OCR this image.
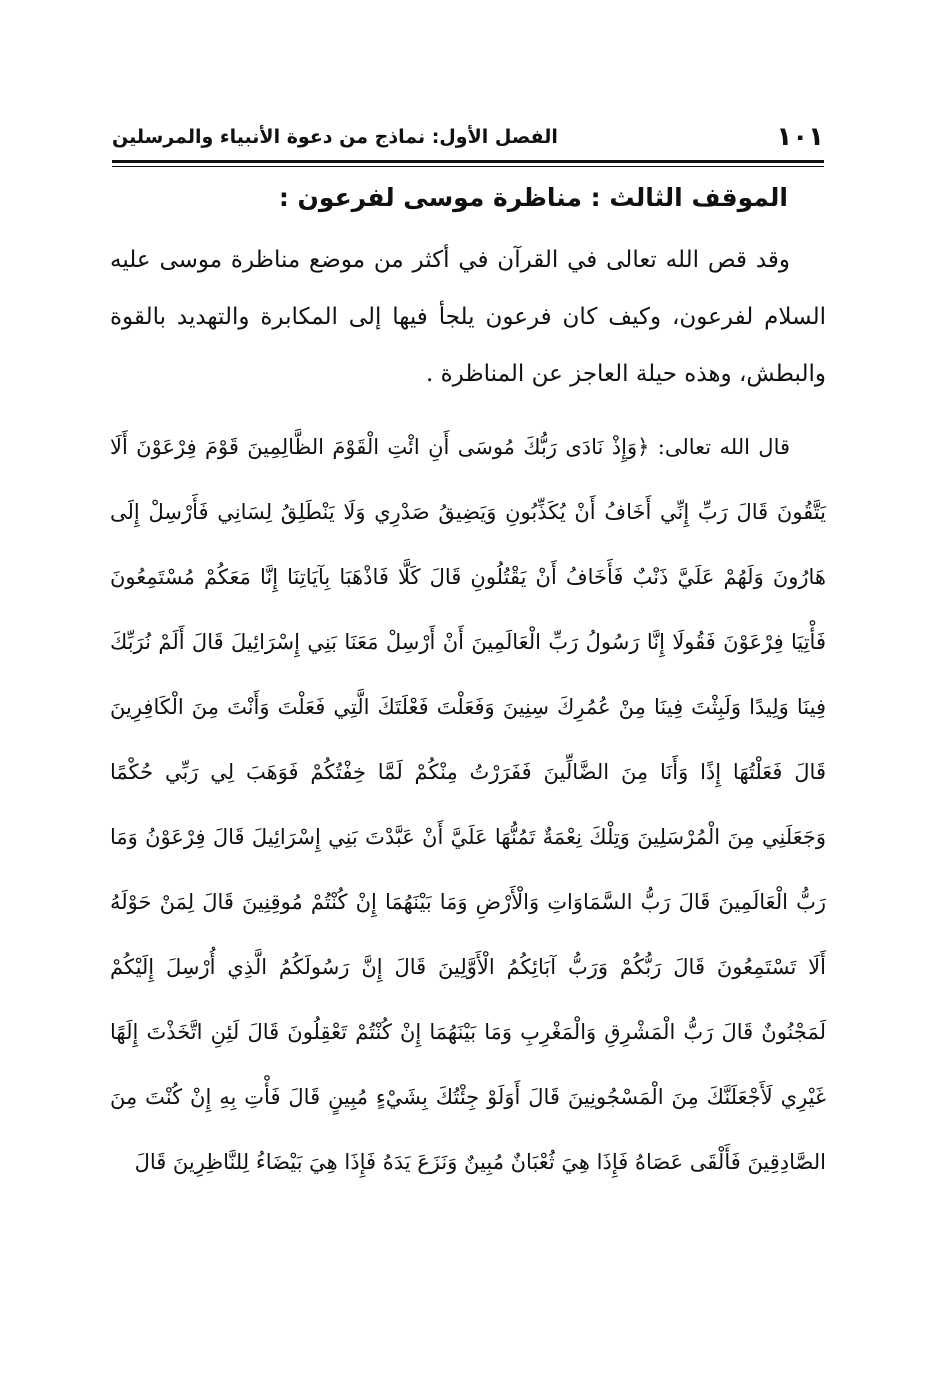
١٠١
الفصل الأول: نماذج من دعوة الأنبياء والمرسلين
الموقف الثالث : مناظرة موسى لفرعون :
وقد قص الله تعالى في القرآن في أكثر من موضع مناظرة موسى عليه السلام لفرعون، وكيف كان فرعون يلجأ فيها إلى المكابرة والتهديد بالقوة والبطش، وهذه حيلة العاجز عن المناظرة .
قال الله تعالى: ﴿وَإِذْ نَادَى رَبُّكَ مُوسَى أَنِ ائْتِ الْقَوْمَ الظَّالِمِينَ قَوْمَ فِرْعَوْنَ أَلَا يَتَّقُونَ قَالَ رَبِّ إِنِّي أَخَافُ أَنْ يُكَذِّبُونِ وَيَضِيقُ صَدْرِي وَلَا يَنْطَلِقُ لِسَانِي فَأَرْسِلْ إِلَى هَارُونَ وَلَهُمْ عَلَيَّ ذَنْبٌ فَأَخَافُ أَنْ يَقْتُلُونِ قَالَ كَلَّا فَاذْهَبَا بِآيَاتِنَا إِنَّا مَعَكُمْ مُسْتَمِعُونَ فَأْتِيَا فِرْعَوْنَ فَقُولَا إِنَّا رَسُولُ رَبِّ الْعَالَمِينَ أَنْ أَرْسِلْ مَعَنَا بَنِي إِسْرَائِيلَ قَالَ أَلَمْ نُرَبِّكَ فِينَا وَلِيدًا وَلَبِثْتَ فِينَا مِنْ عُمُرِكَ سِنِينَ وَفَعَلْتَ فَعْلَتَكَ الَّتِي فَعَلْتَ وَأَنْتَ مِنَ الْكَافِرِينَ قَالَ فَعَلْتُهَا إِذًا وَأَنَا مِنَ الضَّالِّينَ فَفَرَرْتُ مِنْكُمْ لَمَّا خِفْتُكُمْ فَوَهَبَ لِي رَبِّي حُكْمًا وَجَعَلَنِي مِنَ الْمُرْسَلِينَ وَتِلْكَ نِعْمَةٌ تَمُنُّهَا عَلَيَّ أَنْ عَبَّدْتَ بَنِي إِسْرَائِيلَ قَالَ فِرْعَوْنُ وَمَا رَبُّ الْعَالَمِينَ قَالَ رَبُّ السَّمَاوَاتِ وَالْأَرْضِ وَمَا بَيْنَهُمَا إِنْ كُنْتُمْ مُوقِنِينَ قَالَ لِمَنْ حَوْلَهُ أَلَا تَسْتَمِعُونَ قَالَ رَبُّكُمْ وَرَبُّ آبَائِكُمُ الْأَوَّلِينَ قَالَ إِنَّ رَسُولَكُمُ الَّذِي أُرْسِلَ إِلَيْكُمْ لَمَجْنُونٌ قَالَ رَبُّ الْمَشْرِقِ وَالْمَغْرِبِ وَمَا بَيْنَهُمَا إِنْ كُنْتُمْ تَعْقِلُونَ قَالَ لَئِنِ اتَّخَذْتَ إِلَهًا غَيْرِي لَأَجْعَلَنَّكَ مِنَ الْمَسْجُونِينَ قَالَ أَوَلَوْ جِئْتُكَ بِشَيْءٍ مُبِينٍ قَالَ فَأْتِ بِهِ إِنْ كُنْتَ مِنَ الصَّادِقِينَ فَأَلْقَى عَصَاهُ فَإِذَا هِيَ ثُعْبَانٌ مُبِينٌ وَنَزَعَ يَدَهُ فَإِذَا هِيَ بَيْضَاءُ لِلنَّاظِرِينَ قَالَ
